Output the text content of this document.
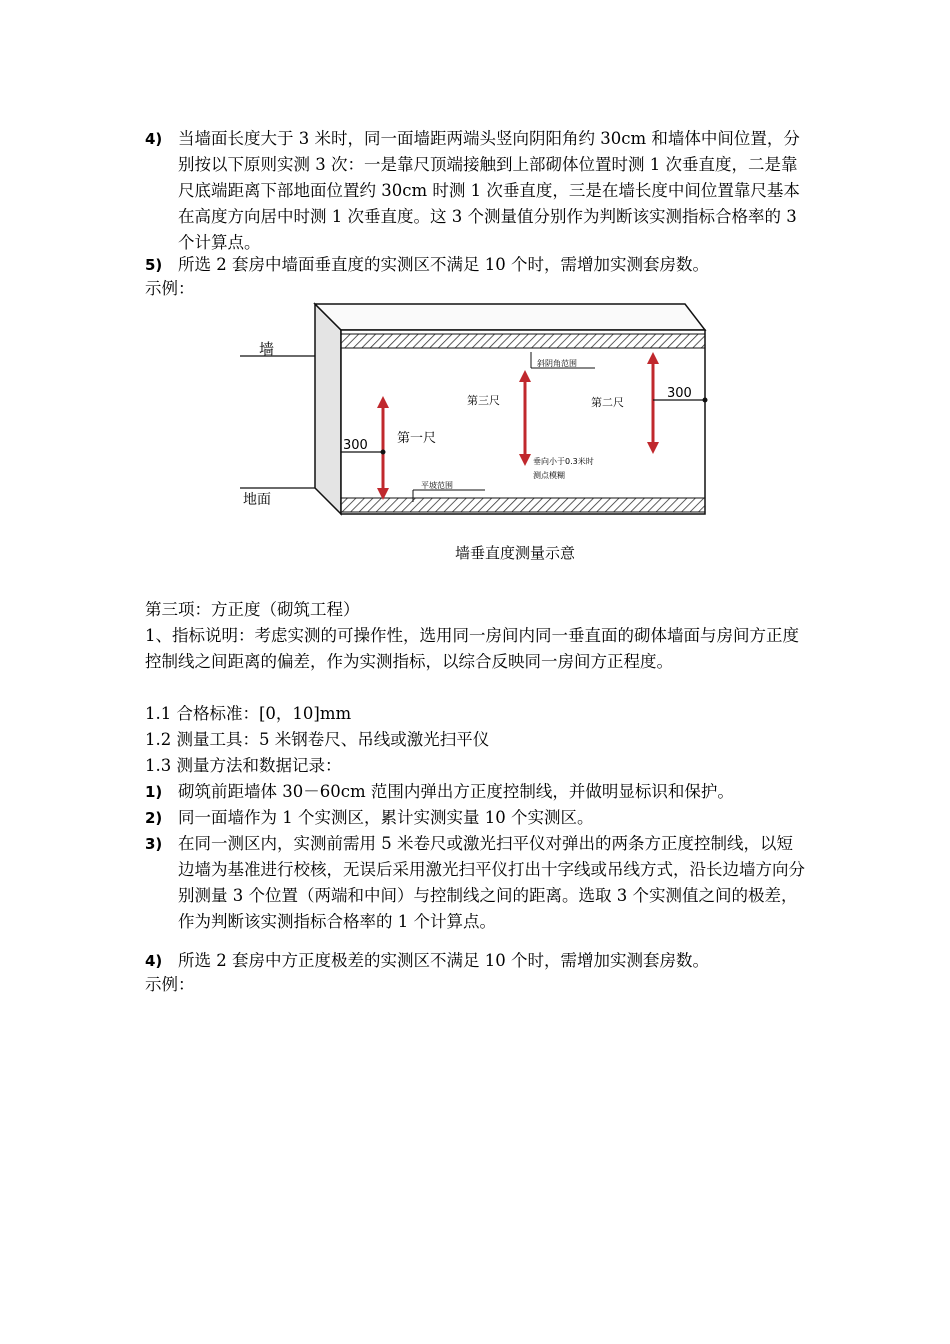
4) 当墙面长度大于 3 米时，同一面墙距两端头竖向阴阳角约 30cm 和墙体中间位置，分别按以下原则实测 3 次：一是靠尺顶端接触到上部砌体位置时测 1 次垂直度，二是靠尺底端距离下部地面位置约 30cm 时测 1 次垂直度，三是在墙长度中间位置靠尺基本在高度方向居中时测 1 次垂直度。这 3 个测量值分别作为判断该实测指标合格率的 3 个计算点。
5) 所选 2 套房中墙面垂直度的实测区不满足 10 个时，需增加实测套房数。

示例：

墙
地面
第一尺
300
第三尺
垂向小于0.3米时
测点模糊
斜阴角范围
平坡范围
第二尺
300
墙垂直度测量示意

第三项：方正度（砌筑工程）

1、指标说明：考虑实测的可操作性，选用同一房间内同一垂直面的砌体墙面与房间方正度控制线之间距离的偏差，作为实测指标，以综合反映同一房间方正程度。

1.1 合格标准：[0，10]mm

1.2 测量工具：5 米钢卷尺、吊线或激光扫平仪

1.3 测量方法和数据记录：

1) 砌筑前距墙体 30－60cm 范围内弹出方正度控制线，并做明显标识和保护。
2) 同一面墙作为 1 个实测区，累计实测实量 10 个实测区。
3) 在同一测区内，实测前需用 5 米卷尺或激光扫平仪对弹出的两条方正度控制线，以短边墙为基准进行校核，无误后采用激光扫平仪打出十字线或吊线方式，沿长边墙方向分别测量 3 个位置（两端和中间）与控制线之间的距离。选取 3 个实测值之间的极差，作为判断该实测指标合格率的 1 个计算点。
4) 所选 2 套房中方正度极差的实测区不满足 10 个时，需增加实测套房数。

示例：
